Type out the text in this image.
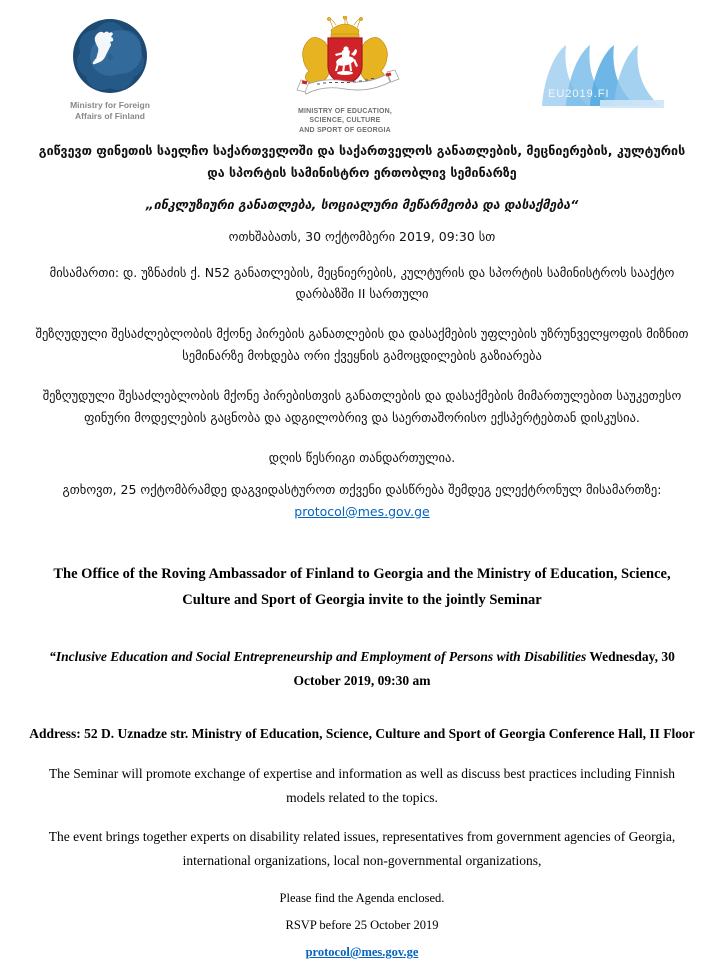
Ministry for Foreign
Affairs of Finland	MINISTRY OF EDUCATION,
SCIENCE, CULTURE
AND SPORT OF GEORGIA
EU2019.FI

გიწვევთ ფინეთის საელჩო საქართველოში და საქართველოს განათლების, მეცნიერების, კულტურის და სპორტის სამინისტრო ერთობლივ სემინარზე

„ინკლუზიური განათლება, სოციალური მეწარმეობა და დასაქმება“

ოთხშაბათს, 30 ოქტომბერი 2019, 09:30 სთ

მისამართი: დ. უზნაძის ქ. N52 განათლების, მეცნიერების, კულტურის და სპორტის სამინისტროს სააქტო დარბაზში II სართული

შეზღუდული შესაძლებლობის მქონე პირების განათლების და დასაქმების უფლების უზრუნველყოფის მიზნით სემინარზე მოხდება ორი ქვეყნის გამოცდილების გაზიარება

შეზღუდული შესაძლებლობის მქონე პირებისთვის განათლების და დასაქმების მიმართულებით საუკეთესო ფინური მოდელების გაცნობა და ადგილობრივ და საერთაშორისო ექსპერტებთან დისკუსია.

დღის წესრიგი თანდართულია.

გთხოვთ, 25 ოქტომბრამდე დაგვიდასტუროთ თქვენი დასწრება შემდეგ ელექტრონულ მისამართზე: protocol@mes.gov.ge

The Office of the Roving Ambassador of Finland to Georgia and the Ministry of Education, Science, Culture and Sport of Georgia invite to the jointly Seminar

“Inclusive Education and Social Entrepreneurship and Employment of Persons with Disabilities Wednesday, 30 October 2019, 09:30 am

Address: 52 D. Uznadze str. Ministry of Education, Science, Culture and Sport of Georgia Conference Hall, II Floor

The Seminar will promote exchange of expertise and information as well as discuss best practices including Finnish models related to the topics.

The event brings together experts on disability related issues, representatives from government agencies of Georgia, international organizations, local non-governmental organizations,

Please find the Agenda enclosed.

RSVP before 25 October 2019

protocol@mes.gov.ge
